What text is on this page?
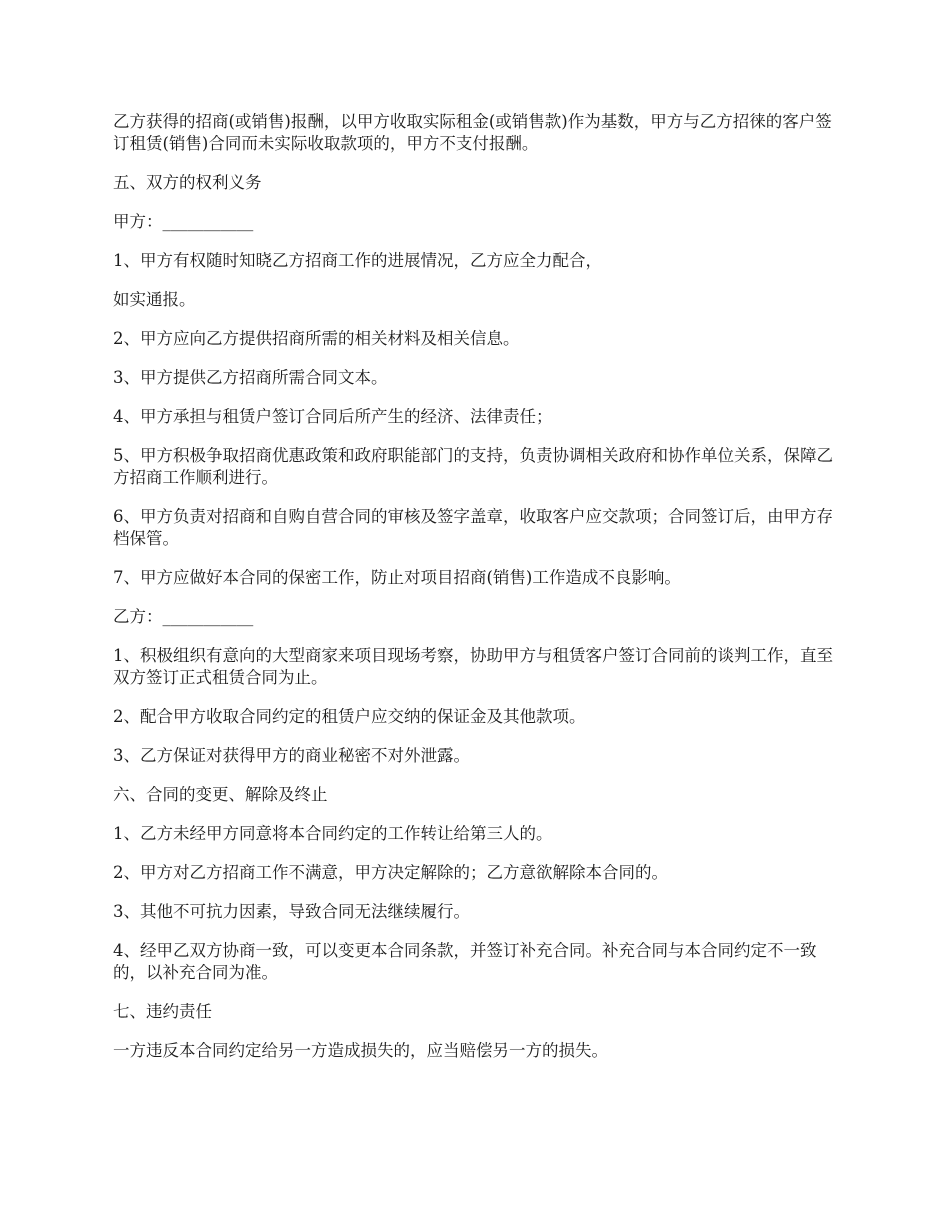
乙方获得的招商(或销售)报酬，以甲方收取实际租金(或销售款)作为基数，甲方与乙方招徕的客户签订租赁(销售)合同而未实际收取款项的，甲方不支付报酬。

五、双方的权利义务

甲方：___________

1、甲方有权随时知晓乙方招商工作的进展情况，乙方应全力配合，

如实通报。

2、甲方应向乙方提供招商所需的相关材料及相关信息。

3、甲方提供乙方招商所需合同文本。

4、甲方承担与租赁户签订合同后所产生的经济、法律责任；

5、甲方积极争取招商优惠政策和政府职能部门的支持，负责协调相关政府和协作单位关系，保障乙方招商工作顺利进行。

6、甲方负责对招商和自购自营合同的审核及签字盖章，收取客户应交款项；合同签订后，由甲方存档保管。

7、甲方应做好本合同的保密工作，防止对项目招商(销售)工作造成不良影响。

乙方：___________

1、积极组织有意向的大型商家来项目现场考察，协助甲方与租赁客户签订合同前的谈判工作，直至双方签订正式租赁合同为止。

2、配合甲方收取合同约定的租赁户应交纳的保证金及其他款项。

3、乙方保证对获得甲方的商业秘密不对外泄露。

六、合同的变更、解除及终止

1、乙方未经甲方同意将本合同约定的工作转让给第三人的。

2、甲方对乙方招商工作不满意，甲方决定解除的；乙方意欲解除本合同的。

3、其他不可抗力因素，导致合同无法继续履行。

4、经甲乙双方协商一致，可以变更本合同条款，并签订补充合同。补充合同与本合同约定不一致的，以补充合同为准。

七、违约责任

一方违反本合同约定给另一方造成损失的，应当赔偿另一方的损失。
